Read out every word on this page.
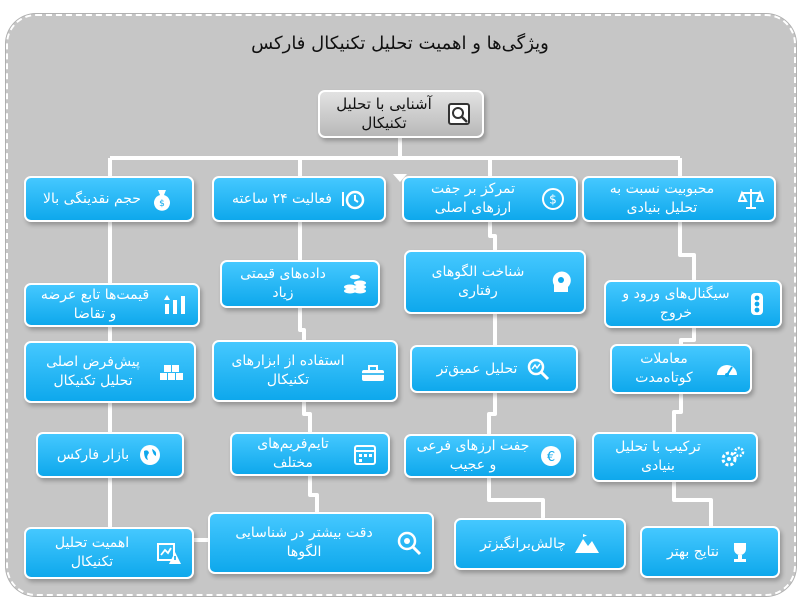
ویژگی‌ها و اهمیت تحلیل تکنیکال فارکس
آشنایی با تحلیل تکنیکال
محبوبیت نسبت به تحلیل بنیادی
سیگنال‌های ورود و خروج
معاملات کوتاه‌مدت
ترکیب با تحلیل بنیادی
نتایج بهتر
$
تمرکز بر جفت ارزهای اصلی
شناخت الگوهای رفتاری
تحلیل عمیق‌تر
€
جفت ارزهای فرعی و عجیب
چالش‌برانگیزتر
فعالیت ۲۴ ساعته
داده‌های قیمتی زیاد
استفاده از ابزارهای تکنیکال
تایم‌فریم‌های مختلف
دقت بیشتر در شناسایی الگوها
$
حجم نقدینگی بالا
قیمت‌ها تابع عرضه و تقاضا
پیش‌فرض اصلی تحلیل تکنیکال
بازار فارکس
اهمیت تحلیل تکنیکال
